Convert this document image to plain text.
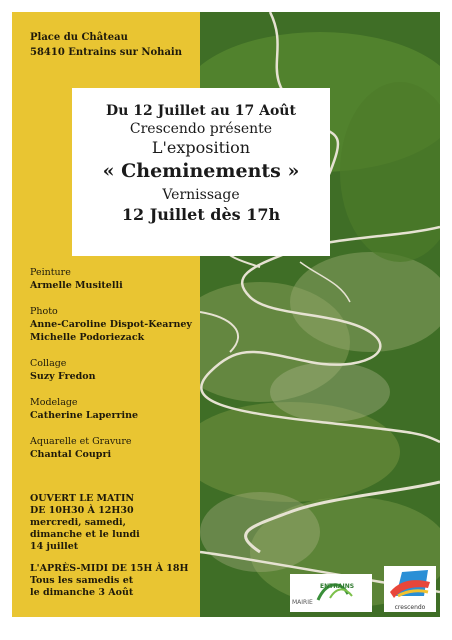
Place du Château
58410 Entrains sur Nohain
Du 12 Juillet au 17 Août
Crescendo présente
L'exposition
« Cheminements »
Vernissage
12 Juillet dès 17h
Peinture
Armelle Musitelli
Photo
Anne-Caroline Dispot-Kearney
Michelle Podoriezack
Collage
Suzy Fredon
Modelage
Catherine Laperrine
Aquarelle et Gravure
Chantal Coupri
OUVERT LE MATIN
DE 10H30 À 12H30
mercredi, samedi,
dimanche et le lundi
14 juillet
L'APRÈS-MIDI DE 15H À 18H
Tous les samedis et
le dimanche 3 Août
MAIRIE
ENTRAINS
crescendo
